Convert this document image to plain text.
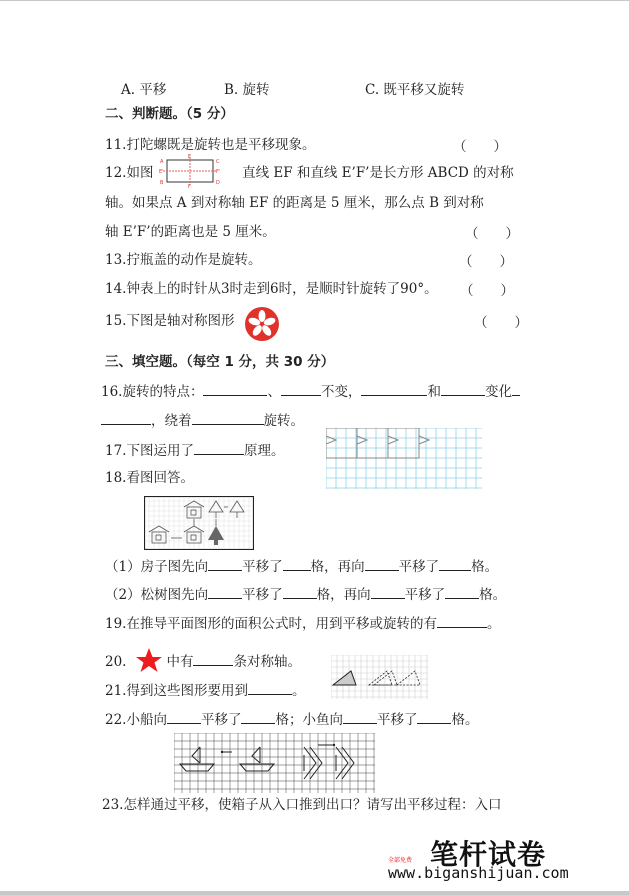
A. 平移	B. 旋转	C. 既平移又旋转
二、判断题。（5 分）
11.打陀螺既是旋转也是平移现象。	（　　）
12.如图	直线 EF 和直线 E’F’是长方形 ABCD 的对称
A
E
C
E'	F'
B
F
D
轴。如果点 A 到对称轴 EF 的距离是 5 厘米，那么点 B 到对称
轴 E’F’的距离也是 5 厘米。	（　　）
13.拧瓶盖的动作是旋转。	（　　）
14.钟表上的时针从3时走到6时，是顺时针旋转了90°。 （　　）
15.下图是轴对称图形	（　　）
三、填空题。（每空 1 分，共 30 分）
16.旋转的特点：	、	不变，	和	变化
，绕着	旋转。
17.下图运用了	原理。
18.看图回答。
（1）房子图先向	平移了 格，再向	平移了 格。
（2）松树图先向	平移了	格，再向	平移了	格。
19.在推导平面图形的面积公式时，用到平移或旋转的有	。
20.	中有	条对称轴。
21.得到这些图形要用到	。
22.小船向	平移了	格；小鱼向	平移了	格。
23.怎样通过平移，使箱子从入口推到出口？请写出平移过程：入口
笔杆试卷
全部免费
www.biganshijuan.com
